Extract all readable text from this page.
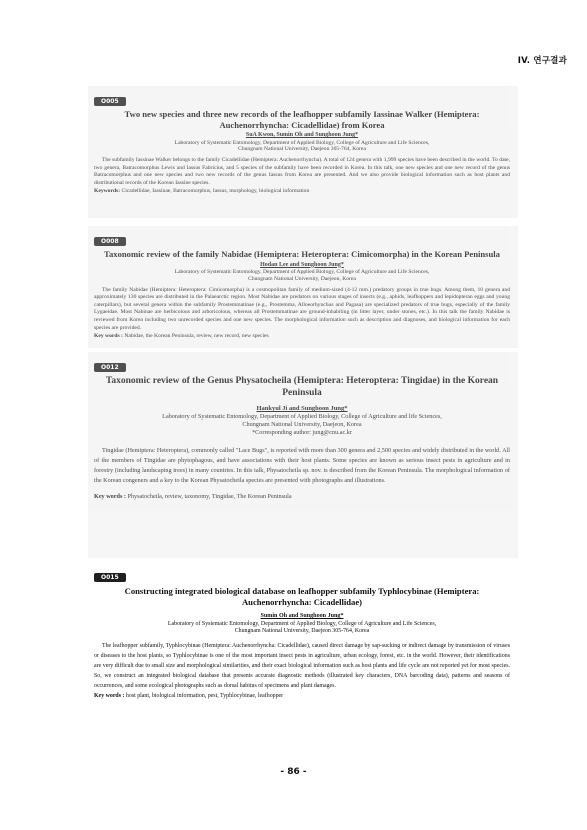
IV. 연구결과
O005
Two new species and three new records of the leafhopper subfamily Iassinae Walker (Hemiptera: Auchenorrhyncha: Cicadellidae) from Korea
SuA Kwon, Sumin Oh and Sunghoon Jung*
Laboratory of Systematic Entomology, Department of Applied Biology, College of Agriculture and Life Sciences,
Chungnam National University, Daejeon 305-764, Korea
The subfamily Iassinae Walker belongs to the family Cicadellidae (Hemiptera: Auchenorrhyncha). A total of 124 genera with 1,999 species have been described in the world. To date, two genera, Batracomorphus Lewis and Iassus Fabricius, and 5 species of the subfamily have been recorded in Korea. In this talk, one new species and one new record of the genus Batracomorphus and one new species and two new records of the genus Iassus from Korea are presented. And we also provide biological information such as host plants and distributional records of the Korean Iassine species.
Keywords: Cicadellidae, Iassinae, Batracomorphus, Iassus, morphology, biological information
O008
Taxonomic review of the family Nabidae (Hemiptera: Heteroptera: Cimicomorpha) in the Korean Peninsula
Hodan Lee and Sunghoon Jung*
Laboratory of Systematic Entomology, Department of Applied Biology, College of Agriculture and Life Sciences,
Chungnam National University, Daejeon, Korea
The family Nabidae (Hemiptera: Heteroptera: Cimicomorpha) is a cosmopolitan family of medium-sized (4-12 mm.) predatory groups in true bugs. Among them, 10 genera and approximately 130 species are distributed in the Palaearctic region. Most Nabidae are predators on various stages of insects (e.g., aphids, leafhoppers and lepidopteran eggs and young caterpillars), but several genera within the subfamily Prostemmatinae (e.g., Prostemma, Alloeorhynchus and Pagasa) are specialized predators of true bugs, especially of the family Lygaeidae. Most Nabinae are herbicolous and arboricolous, whereas all Prostemmatinae are ground-inhabiting (in litter layer, under stones, etc.). In this talk the family Nabidae is reviewed from Korea including two unrecorded species and one new species. The morphological information such as description and diagnoses, and biological information for each species are provided.
Key words : Nabidae, the Korean Peninsula, review, new record, new species
O012
Taxonomic review of the Genus Physatocheila (Hemiptera: Heteroptera: Tingidae) in the Korean Peninsula
Hankyul Ji and Sunghoon Jung*
Laboratory of Systematic Entomology, Department of Applied Biology, College of Agriculture and life Sciences,
Chungnam National University, Daejeon, Korea
*Corresponding author: jung@cnu.ac.kr
Tingidae (Hemiptera: Heteroptera), commonly called "Lace Bugs", is reported with more than 300 genera and 2,500 species and widely distributed in the world. All of the members of Tingidae are phytophagous, and have associations with their host plants. Some species are known as serious insect pests in agriculture and in forestry (including landscaping trees) in many countries. In this talk, Physatocheila sp. nov. is described from the Korean Peninsula. The morphological information of the Korean congeners and a key to the Korean Physatocheila species are presented with photographs and illustrations.
Key words : Physatocheila, review, taxonomy, Tingidae, The Korean Peninsula
O015
Constructing integrated biological database on leafhopper subfamily Typhlocybinae (Hemiptera: Auchenorrhyncha: Cicadellidae)
Sumin Oh and Sunghoon Jung*
Laboratory of Systematic Entomology, Department of Applied Biology, College of Agriculture and Life Sciences,
Chungnam National University, Daejeon 305-764, Korea
The leafhopper subfamily, Typhlocybinae (Hemiptera: Auchenorrhyncha: Cicadellidae), caused direct damage by sap-sucking or indirect damage by transmission of viruses or diseases to the host plants, so Typhlocybinae is one of the most important insect pests in agriculture, urban ecology, forest, etc. in the world. However, their identifications are very difficult due to small size and morphological similarities, and their exact biological information such as host plants and life cycle are not reported yet for most species. So, we construct an integrated biological database that presents accurate diagnostic methods (illustrated key characters, DNA barcoding data), patterns and seasons of occurrences, and some ecological photographs such as dorsal habitus of specimens and plant damages.
Key words : host plant, biological information, pest, Typhlocybinae, leafhopper
- 86 -
